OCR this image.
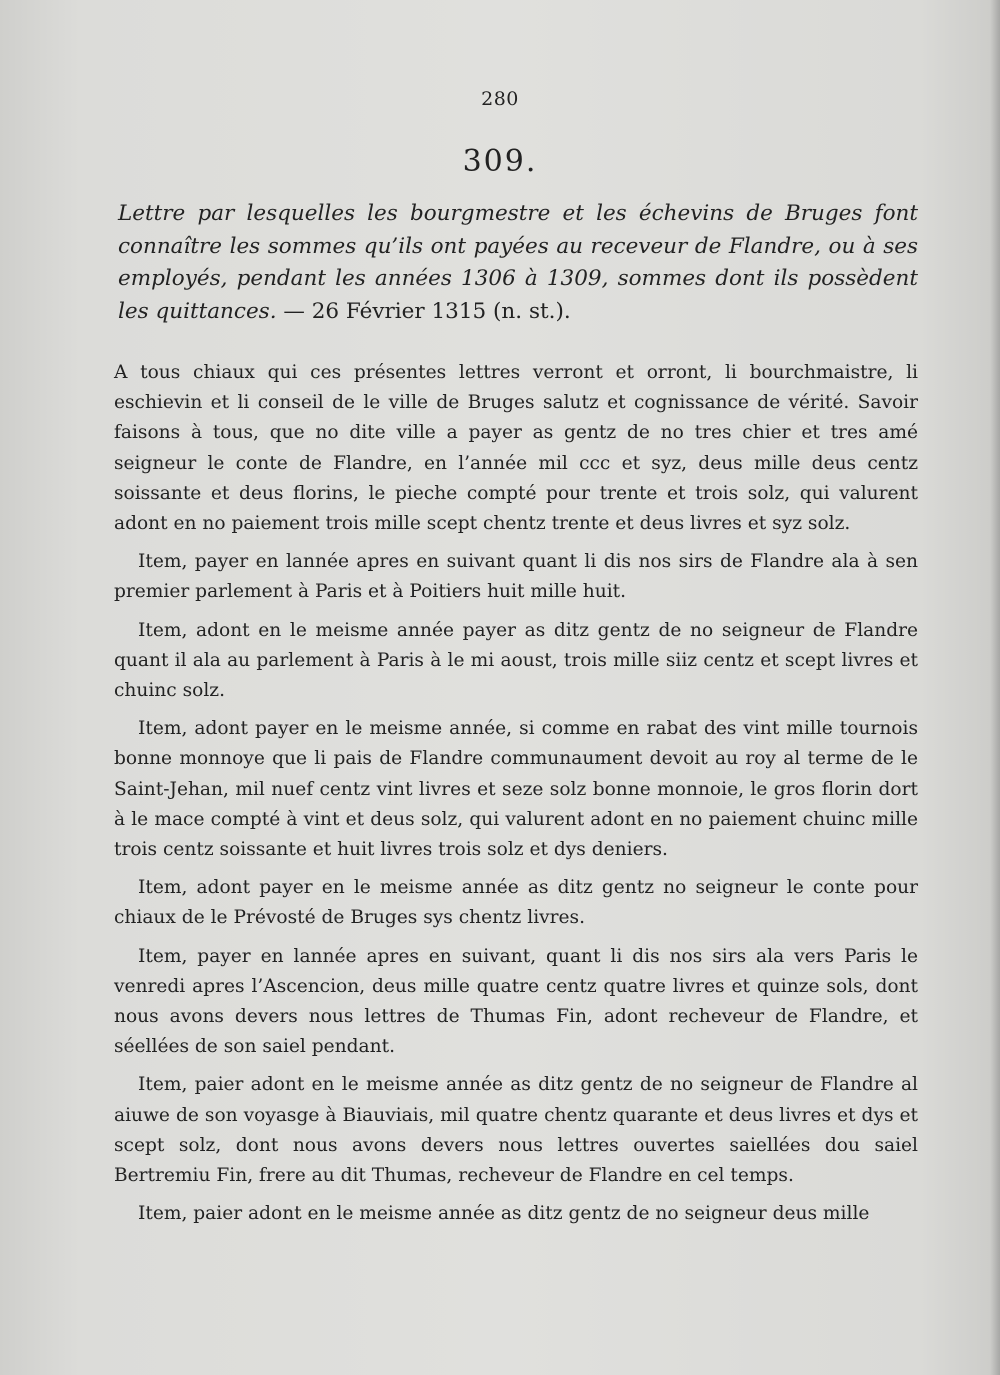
280
309.
Lettre par lesquelles les bourgmestre et les échevins de Bruges font connaître les sommes qu’ils ont payées au receveur de Flandre, ou à ses employés, pendant les années 1306 à 1309, sommes dont ils possèdent les quittances. — 26 Février 1315 (n. st.).

A tous chiaux qui ces présentes lettres verront et orront, li bourchmaistre, li eschievin et li conseil de le ville de Bruges salutz et cognissance de vérité. Savoir faisons à tous, que no dite ville a payer as gentz de no tres chier et tres amé seigneur le conte de Flandre, en l’année mil ccc et syz, deus mille deus centz soissante et deus florins, le pieche compté pour trente et trois solz, qui valurent adont en no paiement trois mille scept chentz trente et deus livres et syz solz.

Item, payer en lannée apres en suivant quant li dis nos sirs de Flandre ala à sen premier parlement à Paris et à Poitiers huit mille huit.

Item, adont en le meisme année payer as ditz gentz de no seigneur de Flandre quant il ala au parlement à Paris à le mi aoust, trois mille siiz centz et scept livres et chuinc solz.

Item, adont payer en le meisme année, si comme en rabat des vint mille tournois bonne monnoye que li pais de Flandre communaument devoit au roy al terme de le Saint-Jehan, mil nuef centz vint livres et seze solz bonne monnoie, le gros florin dort à le mace compté à vint et deus solz, qui valurent adont en no paiement chuinc mille trois centz soissante et huit livres trois solz et dys deniers.

Item, adont payer en le meisme année as ditz gentz no seigneur le conte pour chiaux de le Prévosté de Bruges sys chentz livres.

Item, payer en lannée apres en suivant, quant li dis nos sirs ala vers Paris le venredi apres l’Ascencion, deus mille quatre centz quatre livres et quinze sols, dont nous avons devers nous lettres de Thumas Fin, adont recheveur de Flandre, et séellées de son saiel pendant.

Item, paier adont en le meisme année as ditz gentz de no seigneur de Flandre al aiuwe de son voyasge à Biauviais, mil quatre chentz quarante et deus livres et dys et scept solz, dont nous avons devers nous lettres ouvertes saiellées dou saiel Bertremiu Fin, frere au dit Thumas, recheveur de Flandre en cel temps.

Item, paier adont en le meisme année as ditz gentz de no seigneur deus mille
